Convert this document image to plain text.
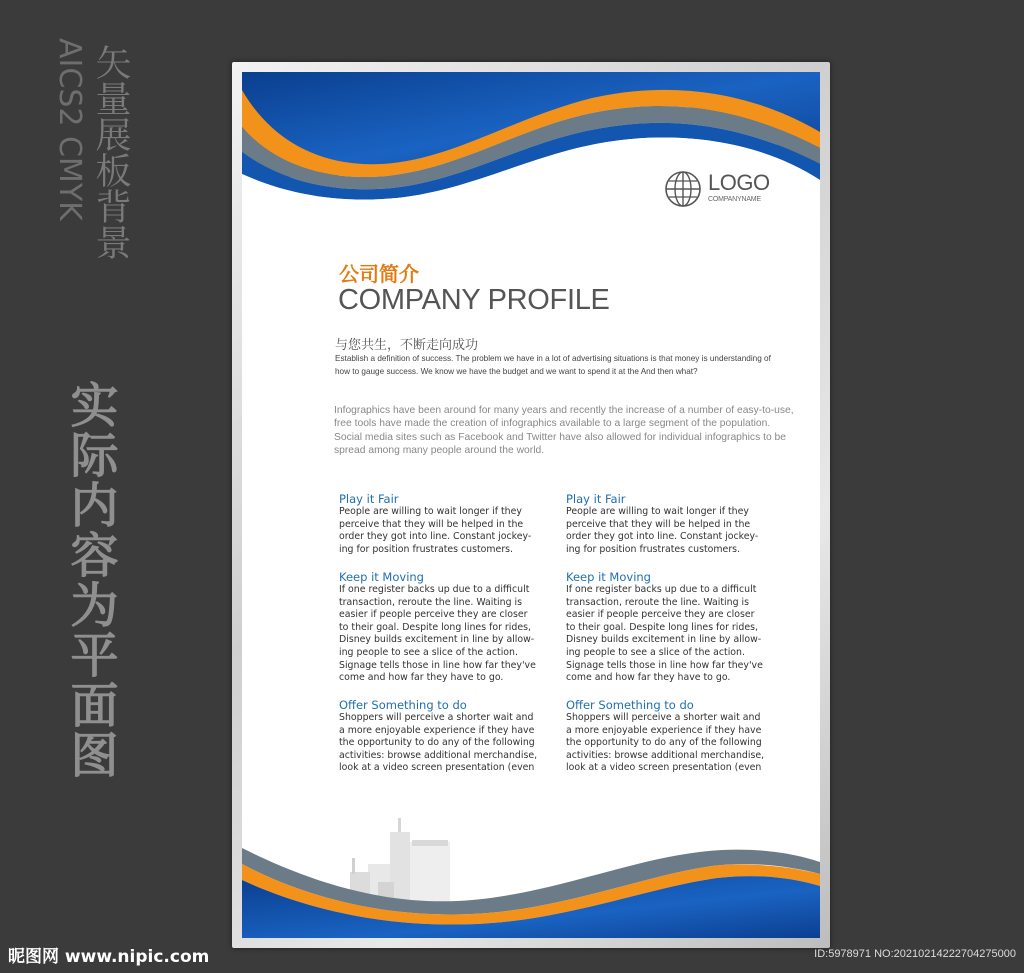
矢量展板背景
AICS2 CMYK
实际内容为平面图
LOGO
COMPANYNAME
公司简介
COMPANY PROFILE
与您共生，不断走向成功
Establish a definition of success. The problem we have in a lot of advertising situations is that money is understanding of how to gauge success. We know we have the budget and we want to spend it at the And then what?
Infographics have been around for many years and recently the increase of a number of easy-to-use, free tools have made the creation of infographics available to a large segment of the population. Social media sites such as Facebook and Twitter have also allowed for individual infographics to be spread among many people around the world.
Play it Fair

People are willing to wait longer if they
perceive that they will be helped in the
order they got into line. Constant jockey-
ing for position frustrates customers.

Keep it Moving

If one register backs up due to a difficult
transaction, reroute the line. Waiting is
easier if people perceive they are closer
to their goal. Despite long lines for rides,
Disney builds excitement in line by allow-
ing people to see a slice of the action.
Signage tells those in line how far they've
come and how far they have to go.

Offer Something to do

Shoppers will perceive a shorter wait and
a more enjoyable experience if they have
the opportunity to do any of the following
activities: browse additional merchandise,
look at a video screen presentation (even

Play it Fair

People are willing to wait longer if they
perceive that they will be helped in the
order they got into line. Constant jockey-
ing for position frustrates customers.

Keep it Moving

If one register backs up due to a difficult
transaction, reroute the line. Waiting is
easier if people perceive they are closer
to their goal. Despite long lines for rides,
Disney builds excitement in line by allow-
ing people to see a slice of the action.
Signage tells those in line how far they've
come and how far they have to go.

Offer Something to do

Shoppers will perceive a shorter wait and
a more enjoyable experience if they have
the opportunity to do any of the following
activities: browse additional merchandise,
look at a video screen presentation (even

昵图网 www.nipic.com	ID:5978971 NO:20210214222704275000
